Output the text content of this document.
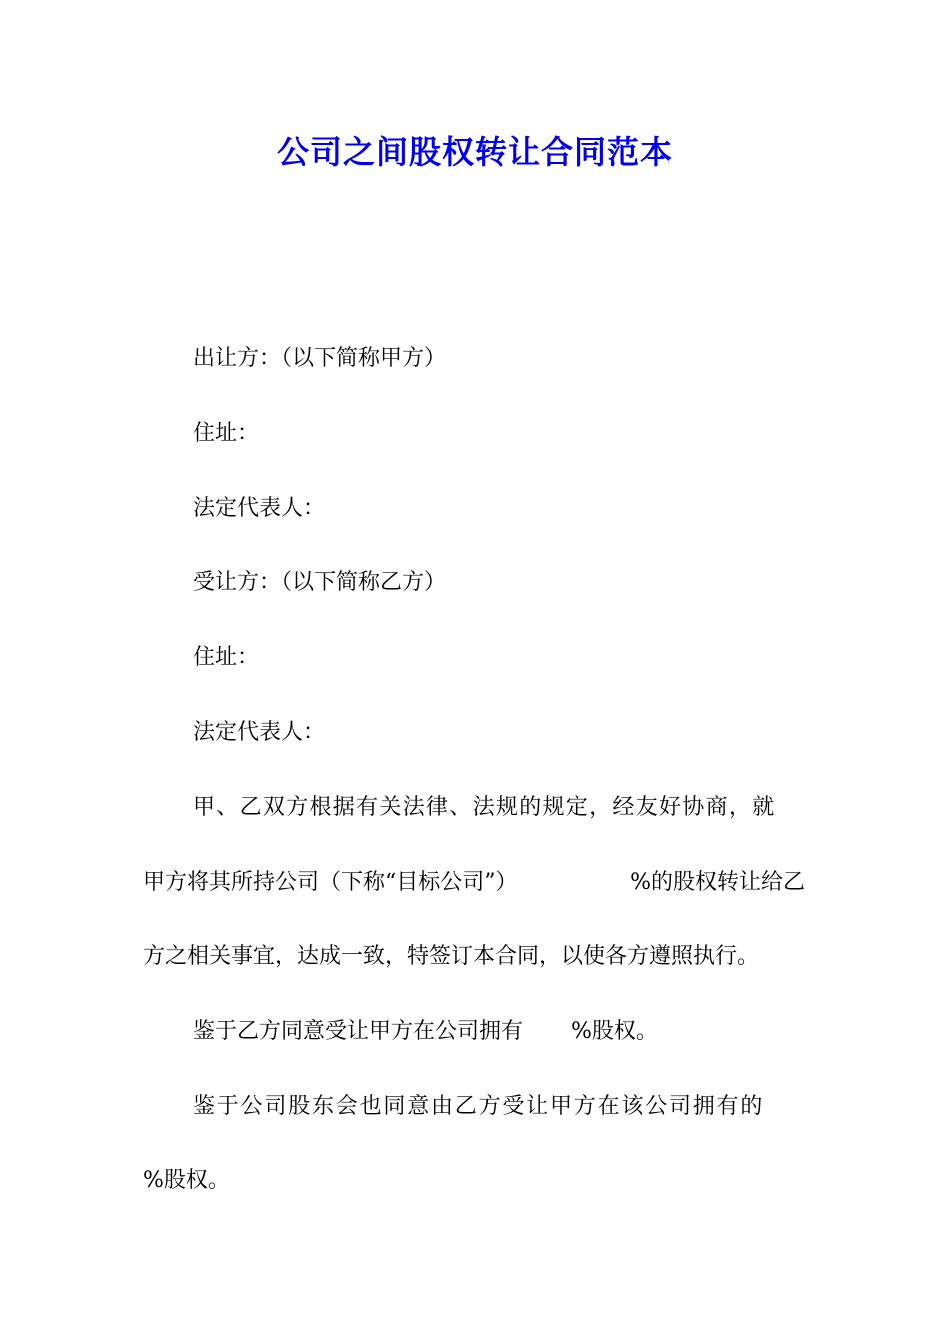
公司之间股权转让合同范本
出让方：（以下简称甲方）
住址：
法定代表人：
受让方：（以下简称乙方）
住址：
法定代表人：
甲、乙双方根据有关法律、法规的规定，经友好协商，就
甲方将其所持公司（下称“目标公司”）	%的股权转让给乙
方之相关事宜，达成一致，特签订本合同，以使各方遵照执行。
鉴于乙方同意受让甲方在公司拥有 %股权。
鉴于公司股东会也同意由乙方受让甲方在该公司拥有的
%股权。
